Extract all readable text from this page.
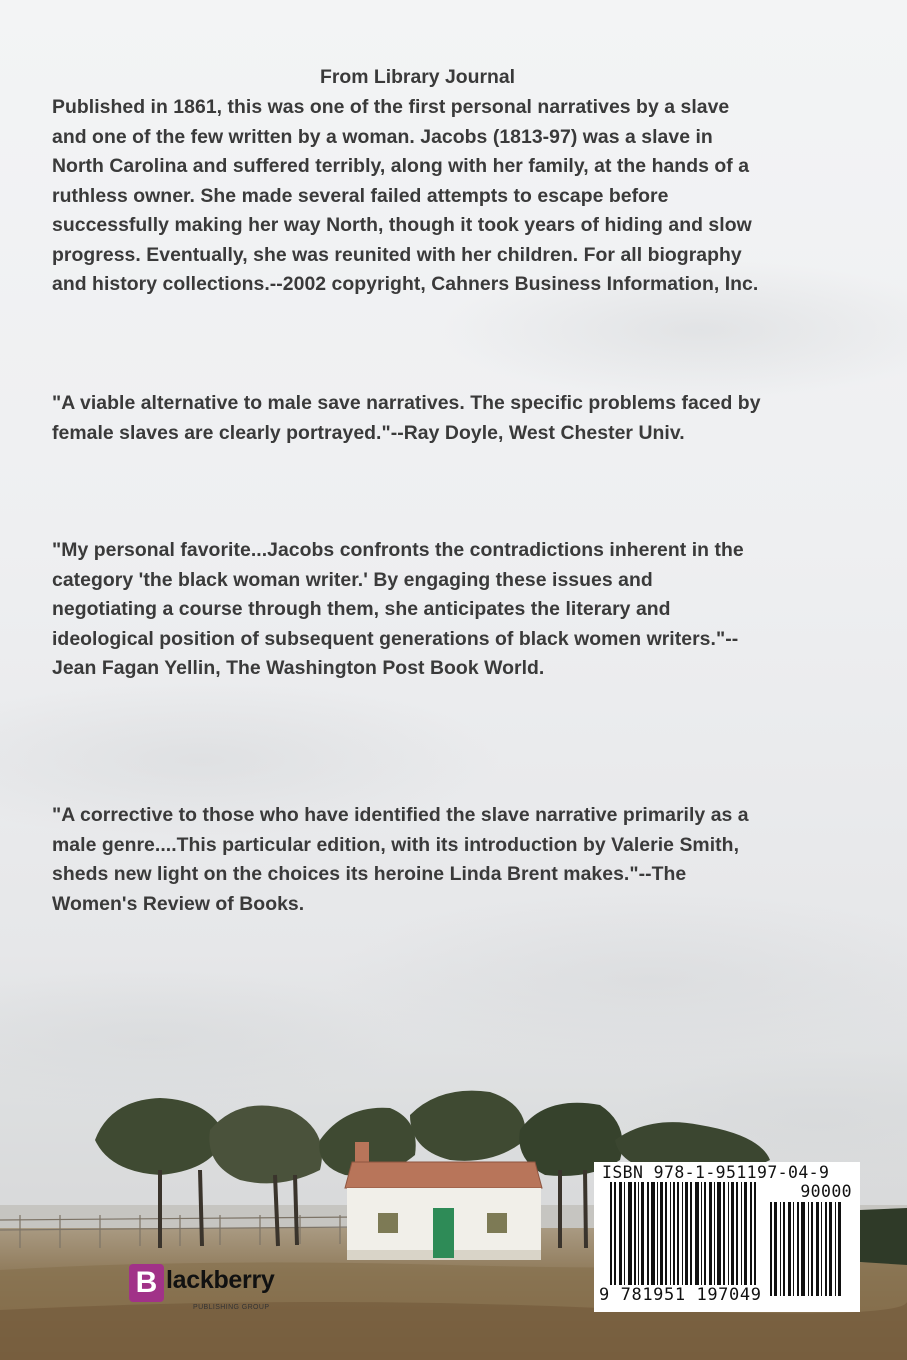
From Library Journal
Published in 1861, this was one of the first personal narratives by a slave
and one of the few written by a woman. Jacobs (1813-97) was a slave in
North Carolina and suffered terribly, along with her family, at the hands of a
ruthless owner. She made several failed attempts to escape before
successfully making her way North, though it took years of hiding and slow
progress. Eventually, she was reunited with her children. For all biography
and history collections.--2002 copyright, Cahners Business Information, Inc.
"A viable alternative to male save narratives. The specific problems faced by
female slaves are clearly portrayed."--Ray Doyle, West Chester Univ.
"My personal favorite...Jacobs confronts the contradictions inherent in the
category 'the black woman writer.' By engaging these issues and
negotiating a course through them, she anticipates the literary and
ideological position of subsequent generations of black women writers."--
Jean Fagan Yellin, The Washington Post Book World.
"A corrective to those who have identified the slave narrative primarily as a
male genre....This particular edition, with its introduction by Valerie Smith,
sheds new light on the choices its heroine Linda Brent makes."--The
Women's Review of Books.
B lackberry
PUBLISHING GROUP
ISBN 978-1-951197-04-9
90000
9 781951 197049
